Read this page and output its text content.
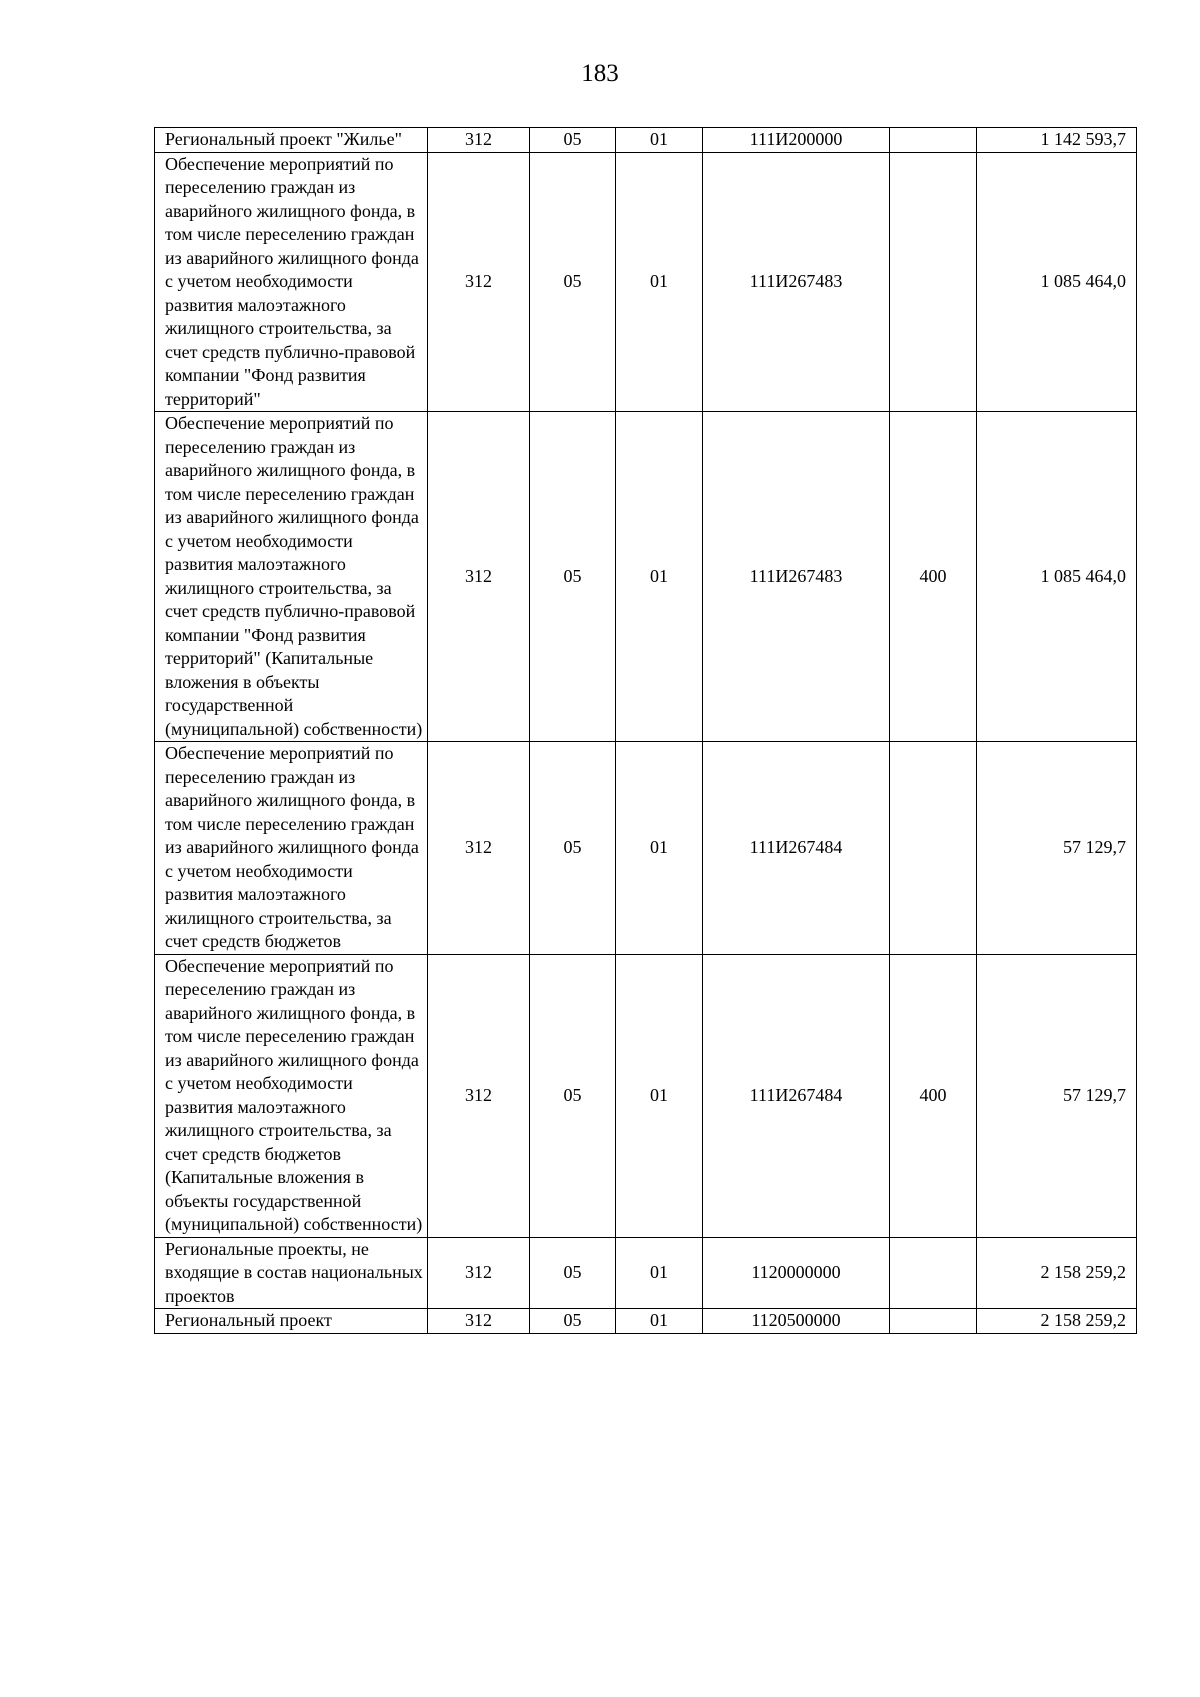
183
Региональный проект "Жилье"	312	05	01	111И200000		1 142 593,7
Обеспечение мероприятий по переселению граждан из аварийного жилищного фонда, в том числе переселению граждан из аварийного жилищного фонда с учетом необходимости развития малоэтажного жилищного строительства, за счет средств публично-правовой компании "Фонд развития территорий"	312	05	01	111И267483		1 085 464,0
Обеспечение мероприятий по переселению граждан из аварийного жилищного фонда, в том числе переселению граждан из аварийного жилищного фонда с учетом необходимости развития малоэтажного жилищного строительства, за счет средств публично-правовой компании "Фонд развития территорий" (Капитальные вложения в объекты государственной (муниципальной) собственности)	312	05	01	111И267483	400	1 085 464,0
Обеспечение мероприятий по переселению граждан из аварийного жилищного фонда, в том числе переселению граждан из аварийного жилищного фонда с учетом необходимости развития малоэтажного жилищного строительства, за счет средств бюджетов	312	05	01	111И267484		57 129,7
Обеспечение мероприятий по переселению граждан из аварийного жилищного фонда, в том числе переселению граждан из аварийного жилищного фонда с учетом необходимости развития малоэтажного жилищного строительства, за счет средств бюджетов (Капитальные вложения в объекты государственной (муниципальной) собственности)	312	05	01	111И267484	400	57 129,7
Региональные проекты, не входящие в состав национальных проектов	312	05	01	1120000000		2 158 259,2
Региональный проект	312	05	01	1120500000		2 158 259,2
